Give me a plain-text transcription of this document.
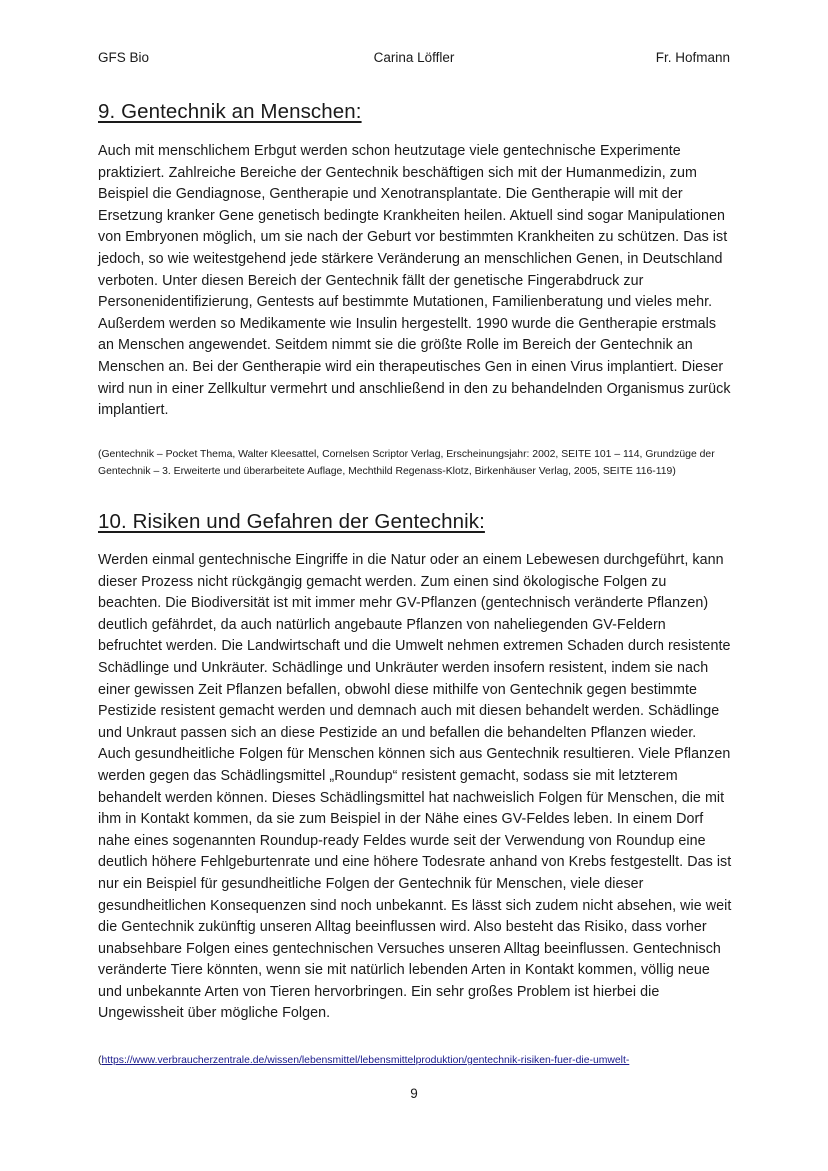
GFS Bio	Carina Löffler	Fr. Hofmann
9. Gentechnik an Menschen:

Auch mit menschlichem Erbgut werden schon heutzutage viele gentechnische Experimente praktiziert. Zahlreiche Bereiche der Gentechnik beschäftigen sich mit der Humanmedizin, zum Beispiel die Gendiagnose, Gentherapie und Xenotransplantate. Die Gentherapie will mit der Ersetzung kranker Gene genetisch bedingte Krankheiten heilen. Aktuell sind sogar Manipulationen von Embryonen möglich, um sie nach der Geburt vor bestimmten Krankheiten zu schützen. Das ist jedoch, so wie weitestgehend jede stärkere Veränderung an menschlichen Genen, in Deutschland verboten. Unter diesen Bereich der Gentechnik fällt der genetische Fingerabdruck zur Personenidentifizierung, Gentests auf bestimmte Mutationen, Familienberatung und vieles mehr. Außerdem werden so Medikamente wie Insulin hergestellt. 1990 wurde die Gentherapie erstmals an Menschen angewendet. Seitdem nimmt sie die größte Rolle im Bereich der Gentechnik an Menschen an. Bei der Gentherapie wird ein therapeutisches Gen in einen Virus implantiert. Dieser wird nun in einer Zellkultur vermehrt und anschließend in den zu behandelnden Organismus zurück implantiert.

(Gentechnik – Pocket Thema, Walter Kleesattel, Cornelsen Scriptor Verlag, Erscheinungsjahr: 2002, SEITE 101 – 114, Grundzüge der Gentechnik – 3. Erweiterte und überarbeitete Auflage, Mechthild Regenass-Klotz, Birkenhäuser Verlag, 2005, SEITE 116-119)

10. Risiken und Gefahren der Gentechnik:

Werden einmal gentechnische Eingriffe in die Natur oder an einem Lebewesen durchgeführt, kann dieser Prozess nicht rückgängig gemacht werden. Zum einen sind ökologische Folgen zu beachten. Die Biodiversität ist mit immer mehr GV-Pflanzen (gentechnisch veränderte Pflanzen) deutlich gefährdet, da auch natürlich angebaute Pflanzen von naheliegenden GV-Feldern befruchtet werden. Die Landwirtschaft und die Umwelt nehmen extremen Schaden durch resistente Schädlinge und Unkräuter. Schädlinge und Unkräuter werden insofern resistent, indem sie nach einer gewissen Zeit Pflanzen befallen, obwohl diese mithilfe von Gentechnik gegen bestimmte Pestizide resistent gemacht werden und demnach auch mit diesen behandelt werden. Schädlinge und Unkraut passen sich an diese Pestizide an und befallen die behandelten Pflanzen wieder. Auch gesundheitliche Folgen für Menschen können sich aus Gentechnik resultieren. Viele Pflanzen werden gegen das Schädlingsmittel „Roundup“ resistent gemacht, sodass sie mit letzterem behandelt werden können. Dieses Schädlingsmittel hat nachweislich Folgen für Menschen, die mit ihm in Kontakt kommen, da sie zum Beispiel in der Nähe eines GV-Feldes leben. In einem Dorf nahe eines sogenannten Roundup-ready Feldes wurde seit der Verwendung von Roundup eine deutlich höhere Fehlgeburtenrate und eine höhere Todesrate anhand von Krebs festgestellt. Das ist nur ein Beispiel für gesundheitliche Folgen der Gentechnik für Menschen, viele dieser gesundheitlichen Konsequenzen sind noch unbekannt. Es lässt sich zudem nicht absehen, wie weit die Gentechnik zukünftig unseren Alltag beeinflussen wird. Also besteht das Risiko, dass vorher unabsehbare Folgen eines gentechnischen Versuches unseren Alltag beeinflussen. Gentechnisch veränderte Tiere könnten, wenn sie mit natürlich lebenden Arten in Kontakt kommen, völlig neue und unbekannte Arten von Tieren hervorbringen. Ein sehr großes Problem ist hierbei die Ungewissheit über mögliche Folgen.

(https://www.verbraucherzentrale.de/wissen/lebensmittel/lebensmittelproduktion/gentechnik-risiken-fuer-die-umwelt-

9
